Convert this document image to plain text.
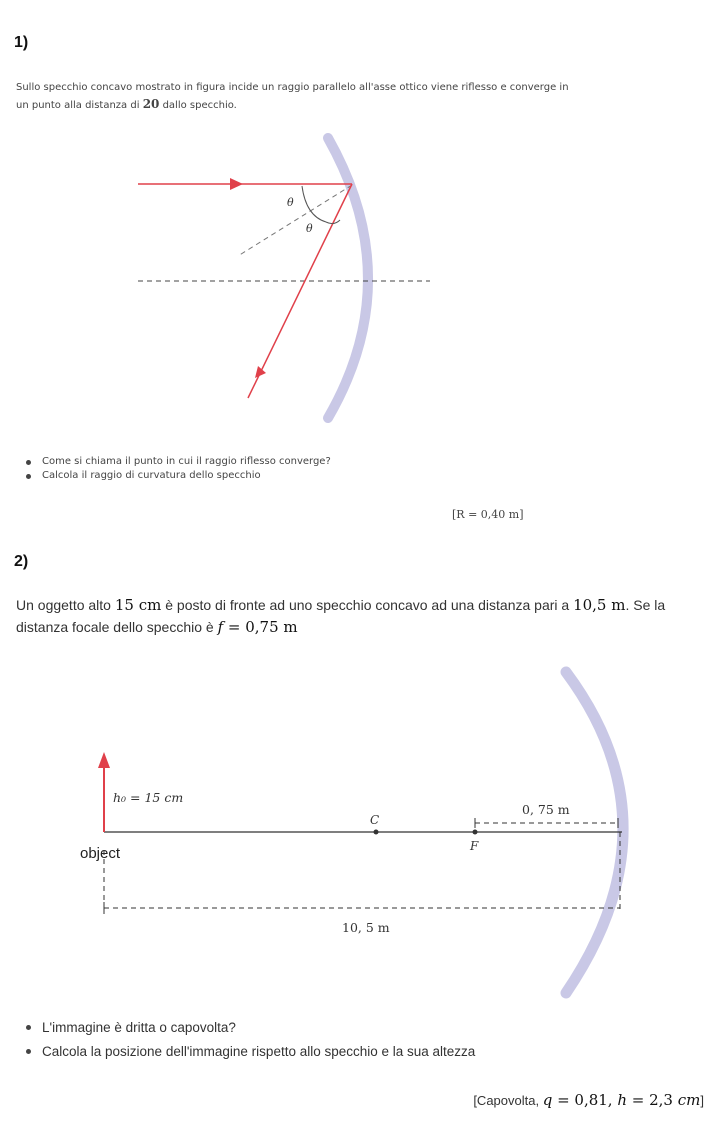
1)
Sullo specchio concavo mostrato in figura incide un raggio parallelo all'asse ottico viene riflesso e converge in
un punto alla distanza di 20 dallo specchio.
θ
θ
Come si chiama il punto in cui il raggio riflesso converge?
Calcola il raggio di curvatura dello specchio
[R = 0,40 m]
2)
Un oggetto alto 15 cm è posto di fronte ad uno specchio concavo ad una distanza pari a 10,5 m. Se la
distanza focale dello specchio è f = 0,75 m
h₀ = 15 cm
object
C
F
0, 75 m
10, 5 m
L'immagine è dritta o capovolta?
Calcola la posizione dell'immagine rispetto allo specchio e la sua altezza
[Capovolta, q = 0,81, h = 2,3 cm]
